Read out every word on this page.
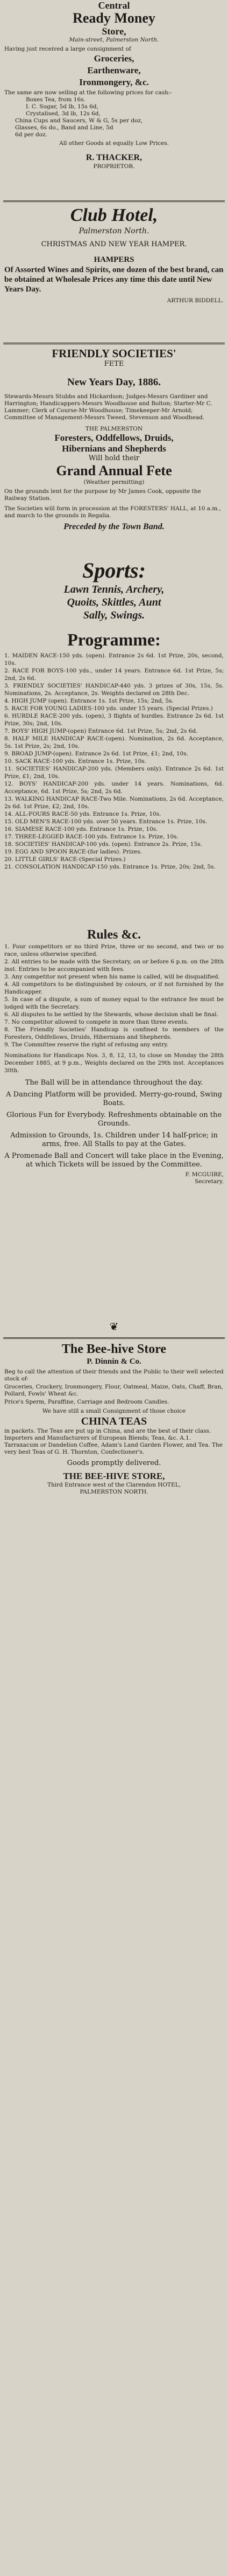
Central

Ready Money

Store,

Main-street, Palmerston North.

Having just received a large consignment of

Groceries,

Earthenware,

Ironmongery, &c.

The same are now selling at the following prices for cash:-

Boxes Tea, from 16s.

I. C. Sugar, 5d lb, 15s 6d,

Crystalised, 3d lb, 12s 6d,

China Cups and Saucers, W & G, 5s per doz,

Glasses, 6s do., Band and Line, 5d

6d per doz.

All other Goods at equally Low Prices.

R. THACKER,

PROPRIETOR.

Club Hotel,

Palmerston North.

CHRISTMAS AND NEW YEAR HAMPER.

HAMPERS

Of Assorted Wines and Spirits, one dozen of the best brand, can be obtained at Wholesale Prices any time this date until New Years Day.

ARTHUR BIDDELL.

FRIENDLY SOCIETIES'

FETE

New Years Day, 1886.

Stewards-Messrs Stubbs and Hickardson; Judges-Messrs Gardiner and Harrington; Handicappers-Messrs Woodhouse and Bolton; Starter-Mr C. Lammer; Clerk of Course-Mr Woodhouse; Timekeeper-Mr Arnold; Committee of Management-Messrs Tweed, Stevenson and Woodhead.

THE PALMERSTON

Foresters, Oddfellows, Druids,

Hibernians and Shepherds

Will hold their

Grand Annual Fete

(Weather permitting)

On the grounds lent for the purpose by Mr James Cook, opposite the Railway Station.

The Societies will form in procession at the FORESTERS' HALL, at 10 a.m., and march to the grounds in Regalia.

Preceded by the Town Band.

Sports:

Lawn Tennis, Archery,

Quoits, Skittles, Aunt

Sally, Swings.

Programme:

1. MAIDEN RACE-150 yds. (open). Entrance 2s 6d. 1st Prize, 20s, second, 10s.

2. RACE FOR BOYS-100 yds., under 14 years. Entrance 6d. 1st Prize, 5s; 2nd, 2s 6d.

3. FRIENDLY SOCIETIES' HANDICAP-440 yds. 3 prizes of 30s, 15s, 5s. Nominations, 2s. Acceptance, 2s. Weights declared on 28th Dec.

4. HIGH JUMP (open). Entrance 1s. 1st Prize, 15s; 2nd, 5s.

5. RACE FOR YOUNG LADIES-100 yds. under 15 years. (Special Prizes.)

6. HURDLE RACE-200 yds. (open), 3 flights of hurdles. Entrance 2s 6d. 1st Prize, 30s; 2nd, 10s.

7. BOYS' HIGH JUMP-(open) Entrance 6d. 1st Prize, 5s; 2nd, 2s 6d.

8. HALF MILE HANDICAP RACE-(open). Nomination, 2s 6d. Acceptance, 5s. 1st Prize, 2s; 2nd, 10s.

9. BROAD JUMP-(open). Entrance 2s 6d. 1st Prize, £1; 2nd, 10s.

10. SACK RACE-100 yds. Entrance 1s. Prize, 10s.

11. SOCIETIES' HANDICAP-200 yds. (Members only). Entrance 2s 6d. 1st Prize, £1; 2nd, 10s.

12. BOYS' HANDICAP-200 yds. under 14 years. Nominations, 6d. Acceptance, 6d. 1st Prize, 5s; 2nd, 2s 6d.

13. WALKING HANDICAP RACE-Two Mile. Nominations, 2s 6d. Acceptance, 2s 6d. 1st Prize, £2; 2nd, 10s.

14. ALL-FOURS RACE-50 yds. Entrance 1s. Prize, 10s.

15. OLD MEN'S RACE-100 yds. over 50 years. Entrance 1s. Prize, 10s.

16. SIAMESE RACE-100 yds. Entrance 1s. Prize, 10s.

17. THREE-LEGGED RACE-100 yds. Entrance 1s. Prize, 10s.

18. SOCIETIES' HANDICAP-100 yds. (open). Entrance 2s. Prize, 15s.

19. EGG AND SPOON RACE-(for ladies). Prizes.

20. LITTLE GIRLS' RACE-(Special Prizes.)

21. CONSOLATION HANDICAP-150 yds. Entrance 1s. Prize, 20s; 2nd, 5s.

Rules &c.

1. Four competitors or no third Prize, three or no second, and two or no race, unless otherwise specified.

2. All entries to be made with the Secretary, on or before 6 p.m. on the 28th inst. Entries to be accompanied with fees.

3. Any competitor not present when his name is called, will be disqualified.

4. All competitors to be distinguished by colours, or if not furnished by the Handicapper.

5. In case of a dispute, a sum of money equal to the entrance fee must be lodged with the Secretary.

6. All disputes to be settled by the Stewards, whose decision shall be final.

7. No competitor allowed to compete in more than three events.

8. The Friendly Societies' Handicap is confined to members of the Foresters, Oddfellows, Druids, Hibernians and Shepherds.

9. The Committee reserve the right of refusing any entry.

Nominations for Handicaps Nos. 3, 8, 12, 13, to close on Monday the 28th December 1885, at 9 p.m., Weights declared on the 29th inst. Acceptances 30th.

The Ball will be in attendance throughout the day.

A Dancing Platform will be provided. Merry-go-round, Swing Boats.

Glorious Fun for Everybody. Refreshments obtainable on the Grounds.

Admission to Grounds, 1s. Children under 14 half-price; in arms, free. All Stalls to pay at the Gates.

A Promenade Ball and Concert will take place in the Evening, at which Tickets will be issued by the Committee.

F. MCGUIRE,

Secretary.

❦

The Bee-hive Store

P. Dinnin & Co.

Beg to call the attention of their friends and the Public to their well selected stock of-

Groceries, Crockery, Ironmongery, Flour, Oatmeal, Maize, Oats, Chaff, Bran, Pollard, Fowls' Wheat &c.

Price's Sperm, Paraffine, Carriage and Bedroom Candles.

We have still a small Consignment of those choice

CHINA TEAS

in packets. The Teas are put up in China, and are the best of their class. Importers and Manufacturers of European Blends; Teas, &c. A.1. Tarraxacum or Dandelion Coffee, Adam's Land Garden Flower, and Tea. The very best Teas of G. H. Thornton, Confectioner's.

Goods promptly delivered.

THE BEE-HIVE STORE,

Third Entrance west of the Clarendon HOTEL,

PALMERSTON NORTH.
